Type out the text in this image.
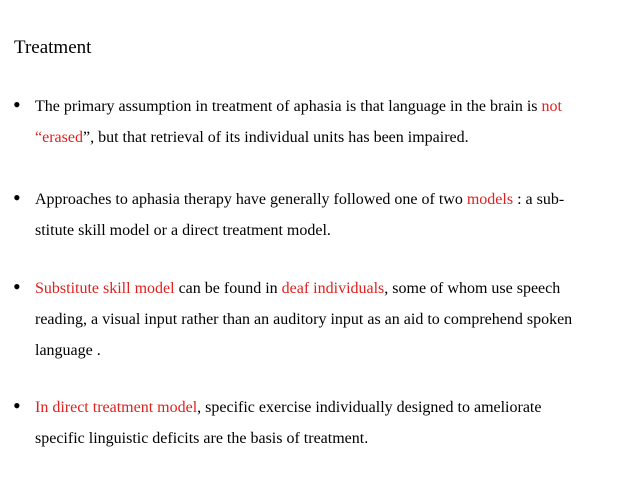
Treatment
• The primary assumption in treatment of aphasia is that language in the brain is not
“erased”, but that retrieval of its individual units has been impaired.
• Approaches to aphasia therapy have generally followed one of two models : a sub-
stitute skill model or a direct treatment model.
• Substitute skill model can be found in deaf individuals, some of whom use speech
reading, a visual input rather than an auditory input as an aid to comprehend spoken
language .
• In direct treatment model, specific exercise individually designed to ameliorate
specific linguistic deficits are the basis of treatment.
